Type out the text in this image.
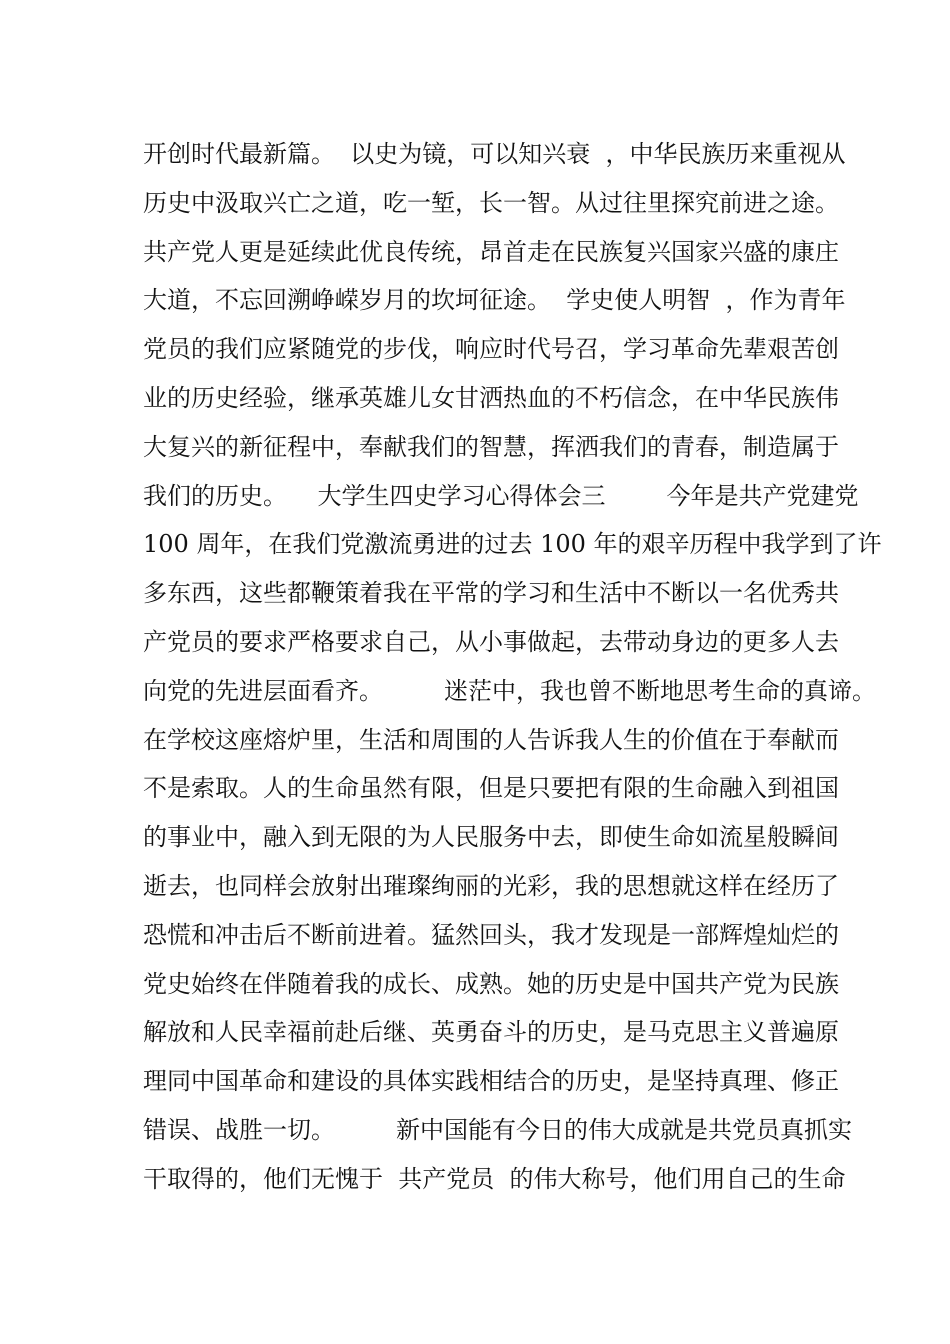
开创时代最新篇。  以史为镜，可以知兴衰  ，中华民族历来重视从
历史中汲取兴亡之道，吃一堑，长一智。从过往里探究前进之途。
共产党人更是延续此优良传统，昂首走在民族复兴国家兴盛的康庄
大道，不忘回溯峥嵘岁月的坎坷征途。  学史使人明智  ，作为青年
党员的我们应紧随党的步伐，响应时代号召，学习革命先辈艰苦创
业的历史经验，继承英雄儿女甘洒热血的不朽信念，在中华民族伟
大复兴的新征程中，奉献我们的智慧，挥洒我们的青春，制造属于
我们的历史。    大学生四史学习心得体会三        今年是共产党建党
100 周年，在我们党激流勇进的过去 100 年的艰辛历程中我学到了许
多东西，这些都鞭策着我在平常的学习和生活中不断以一名优秀共
产党员的要求严格要求自己，从小事做起，去带动身边的更多人去
向党的先进层面看齐。        迷茫中，我也曾不断地思考生命的真谛。
在学校这座熔炉里，生活和周围的人告诉我人生的价值在于奉献而
不是索取。人的生命虽然有限，但是只要把有限的生命融入到祖国
的事业中，融入到无限的为人民服务中去，即使生命如流星般瞬间
逝去，也同样会放射出璀璨绚丽的光彩，我的思想就这样在经历了
恐慌和冲击后不断前进着。猛然回头，我才发现是一部辉煌灿烂的
党史始终在伴随着我的成长、成熟。她的历史是中国共产党为民族
解放和人民幸福前赴后继、英勇奋斗的历史，是马克思主义普遍原
理同中国革命和建设的具体实践相结合的历史，是坚持真理、修正
错误、战胜一切。        新中国能有今日的伟大成就是共党员真抓实
干取得的，他们无愧于  共产党员  的伟大称号，他们用自己的生命
